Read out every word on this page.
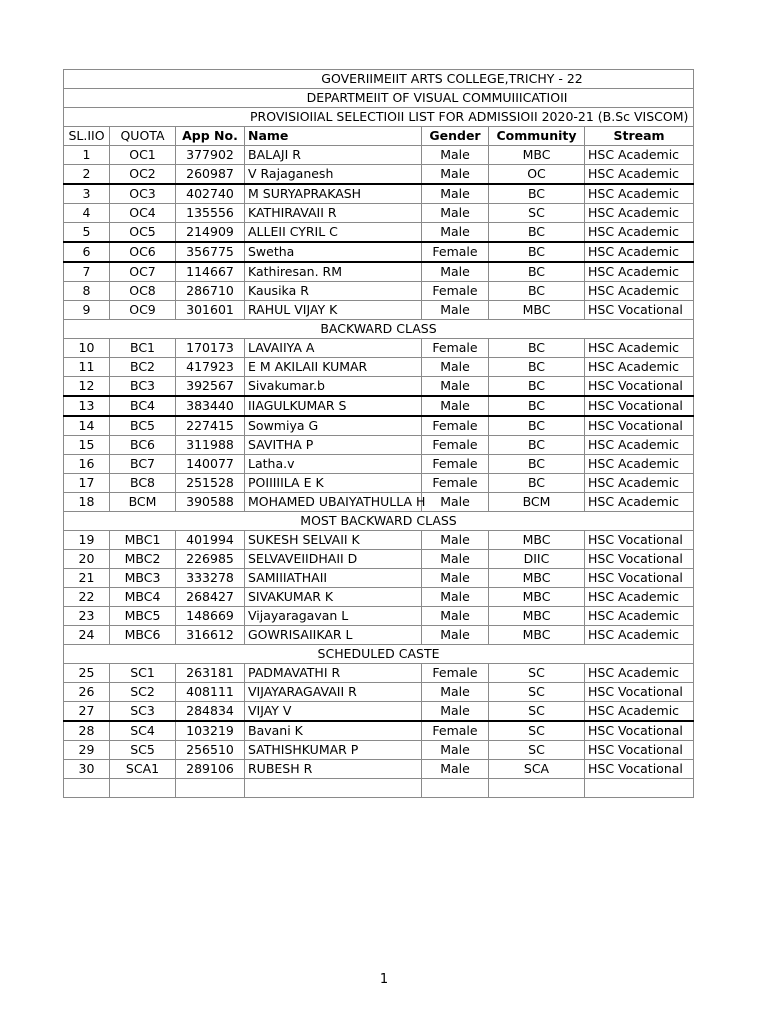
GOVERIIMEIIT ARTS COLLEGE,TRICHY - 22						
DEPARTMEIIT OF VISUAL COMMUIIICATIOII						
PROVISIOIIAL SELECTIOII LIST FOR ADMISSIOII 2020-21 (B.Sc VISCOM)						
SL.IIO	QUOTA	App No.	Name	Gender	Community	Stream
1	OC1	377902	BALAJI R	Male	MBC	HSC Academic
2	OC2	260987	V Rajaganesh	Male	OC	HSC Academic
3	OC3	402740	M SURYAPRAKASH	Male	BC	HSC Academic
4	OC4	135556	KATHIRAVAII R	Male	SC	HSC Academic
5	OC5	214909	ALLEII CYRIL C	Male	BC	HSC Academic
6	OC6	356775	Swetha	Female	BC	HSC Academic
7	OC7	114667	Kathiresan. RM	Male	BC	HSC Academic
8	OC8	286710	Kausika R	Female	BC	HSC Academic
9	OC9	301601	RAHUL VIJAY K	Male	MBC	HSC Vocational
BACKWARD CLASS						
10	BC1	170173	LAVAIIYA A	Female	BC	HSC Academic
11	BC2	417923	E M AKILAII KUMAR	Male	BC	HSC Academic
12	BC3	392567	Sivakumar.b	Male	BC	HSC Vocational
13	BC4	383440	IIAGULKUMAR S	Male	BC	HSC Vocational
14	BC5	227415	Sowmiya G	Female	BC	HSC Vocational
15	BC6	311988	SAVITHA P	Female	BC	HSC Academic
16	BC7	140077	Latha.v	Female	BC	HSC Academic
17	BC8	251528	POIIIIILA E K	Female	BC	HSC Academic
18	BCM	390588	MOHAMED UBAIYATHULLA H	Male	BCM	HSC Academic
MOST BACKWARD CLASS						
19	MBC1	401994	SUKESH SELVAII K	Male	MBC	HSC Vocational
20	MBC2	226985	SELVAVEIIDHAII D	Male	DIIC	HSC Vocational
21	MBC3	333278	SAMIIIATHAII	Male	MBC	HSC Vocational
22	MBC4	268427	SIVAKUMAR K	Male	MBC	HSC Academic
23	MBC5	148669	Vijayaragavan L	Male	MBC	HSC Academic
24	MBC6	316612	GOWRISAIIKAR L	Male	MBC	HSC Academic
SCHEDULED CASTE						
25	SC1	263181	PADMAVATHI R	Female	SC	HSC Academic
26	SC2	408111	VIJAYARAGAVAII R	Male	SC	HSC Vocational
27	SC3	284834	VIJAY V	Male	SC	HSC Academic
28	SC4	103219	Bavani K	Female	SC	HSC Vocational
29	SC5	256510	SATHISHKUMAR P	Male	SC	HSC Vocational
30	SCA1	289106	RUBESH R	Male	SCA	HSC Vocational

1
